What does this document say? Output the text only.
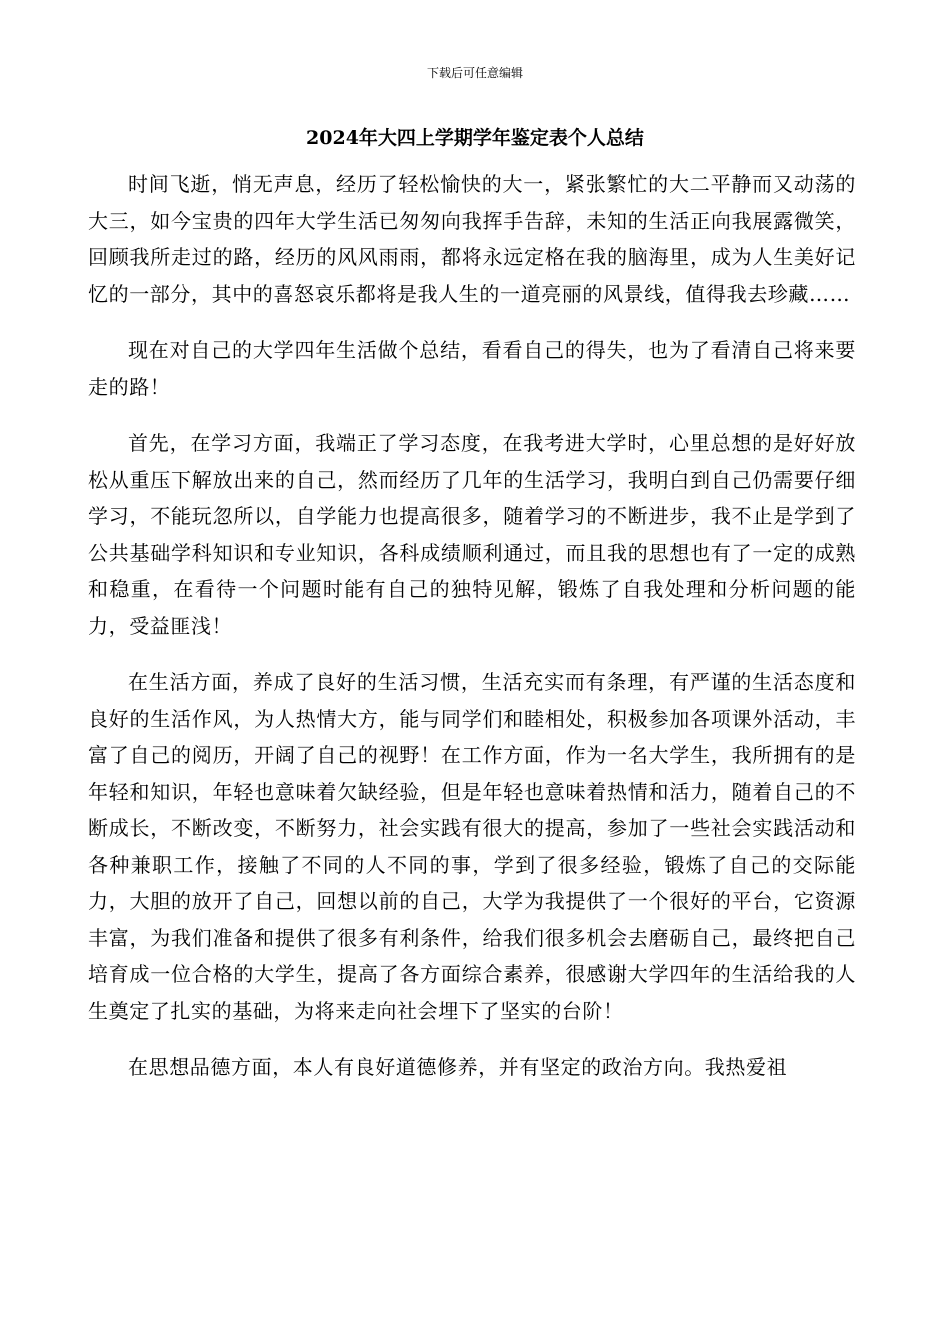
下载后可任意编辑
2024年大四上学期学年鉴定表个人总结

时间飞逝，悄无声息，经历了轻松愉快的大一，紧张繁忙的大二平静而又动荡的大三，如今宝贵的四年大学生活已匆匆向我挥手告辞，未知的生活正向我展露微笑，回顾我所走过的路，经历的风风雨雨，都将永远定格在我的脑海里，成为人生美好记忆的一部分，其中的喜怒哀乐都将是我人生的一道亮丽的风景线，值得我去珍藏……

现在对自己的大学四年生活做个总结，看看自己的得失，也为了看清自己将来要走的路！

首先，在学习方面，我端正了学习态度，在我考进大学时，心里总想的是好好放松从重压下解放出来的自己，然而经历了几年的生活学习，我明白到自己仍需要仔细学习，不能玩忽所以，自学能力也提高很多，随着学习的不断进步，我不止是学到了公共基础学科知识和专业知识，各科成绩顺利通过，而且我的思想也有了一定的成熟和稳重，在看待一个问题时能有自己的独特见解，锻炼了自我处理和分析问题的能力，受益匪浅！

在生活方面，养成了良好的生活习惯，生活充实而有条理，有严谨的生活态度和良好的生活作风，为人热情大方，能与同学们和睦相处，积极参加各项课外活动，丰富了自己的阅历，开阔了自己的视野！在工作方面，作为一名大学生，我所拥有的是年轻和知识，年轻也意味着欠缺经验，但是年轻也意味着热情和活力，随着自己的不断成长，不断改变，不断努力，社会实践有很大的提高，参加了一些社会实践活动和各种兼职工作，接触了不同的人不同的事，学到了很多经验，锻炼了自己的交际能力，大胆的放开了自己，回想以前的自己，大学为我提供了一个很好的平台，它资源丰富，为我们准备和提供了很多有利条件，给我们很多机会去磨砺自己，最终把自己培育成一位合格的大学生，提高了各方面综合素养，很感谢大学四年的生活给我的人生奠定了扎实的基础，为将来走向社会埋下了坚实的台阶！

在思想品德方面，本人有良好道德修养，并有坚定的政治方向。我热爱祖
